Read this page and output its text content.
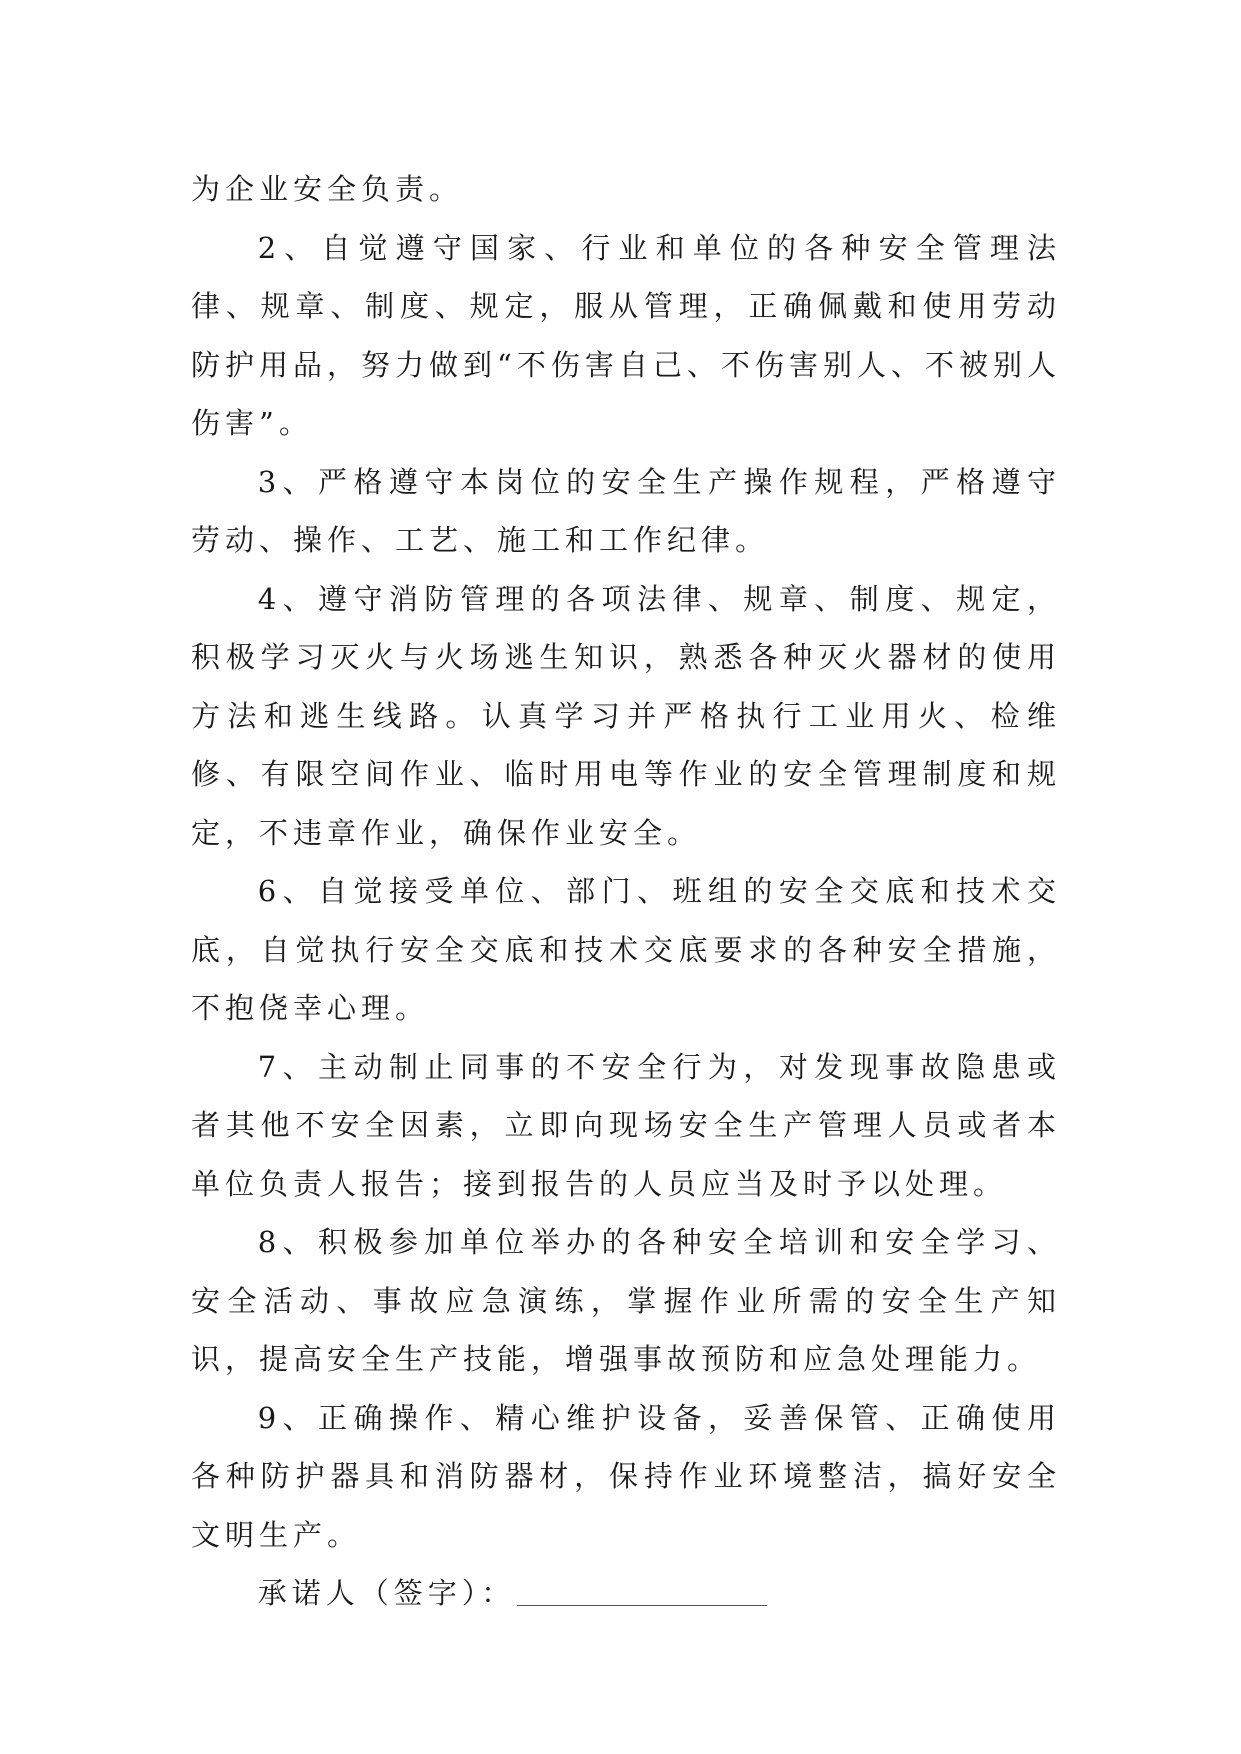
为企业安全负责。

2、自觉遵守国家、行业和单位的各种安全管理法律、规章、制度、规定，服从管理，正确佩戴和使用劳动防护用品，努力做到“不伤害自己、不伤害别人、不被别人伤害”。

3、严格遵守本岗位的安全生产操作规程，严格遵守劳动、操作、工艺、施工和工作纪律。

4、遵守消防管理的各项法律、规章、制度、规定，积极学习灭火与火场逃生知识，熟悉各种灭火器材的使用方法和逃生线路。认真学习并严格执行工业用火、检维修、有限空间作业、临时用电等作业的安全管理制度和规定，不违章作业，确保作业安全。

6、自觉接受单位、部门、班组的安全交底和技术交底，自觉执行安全交底和技术交底要求的各种安全措施，不抱侥幸心理。

7、主动制止同事的不安全行为，对发现事故隐患或者其他不安全因素，立即向现场安全生产管理人员或者本单位负责人报告；接到报告的人员应当及时予以处理。

8、积极参加单位举办的各种安全培训和安全学习、安全活动、事故应急演练，掌握作业所需的安全生产知识，提高安全生产技能，增强事故预防和应急处理能力。

9、正确操作、精心维护设备，妥善保管、正确使用各种防护器具和消防器材，保持作业环境整洁，搞好安全文明生产。

承诺人（签字）：
